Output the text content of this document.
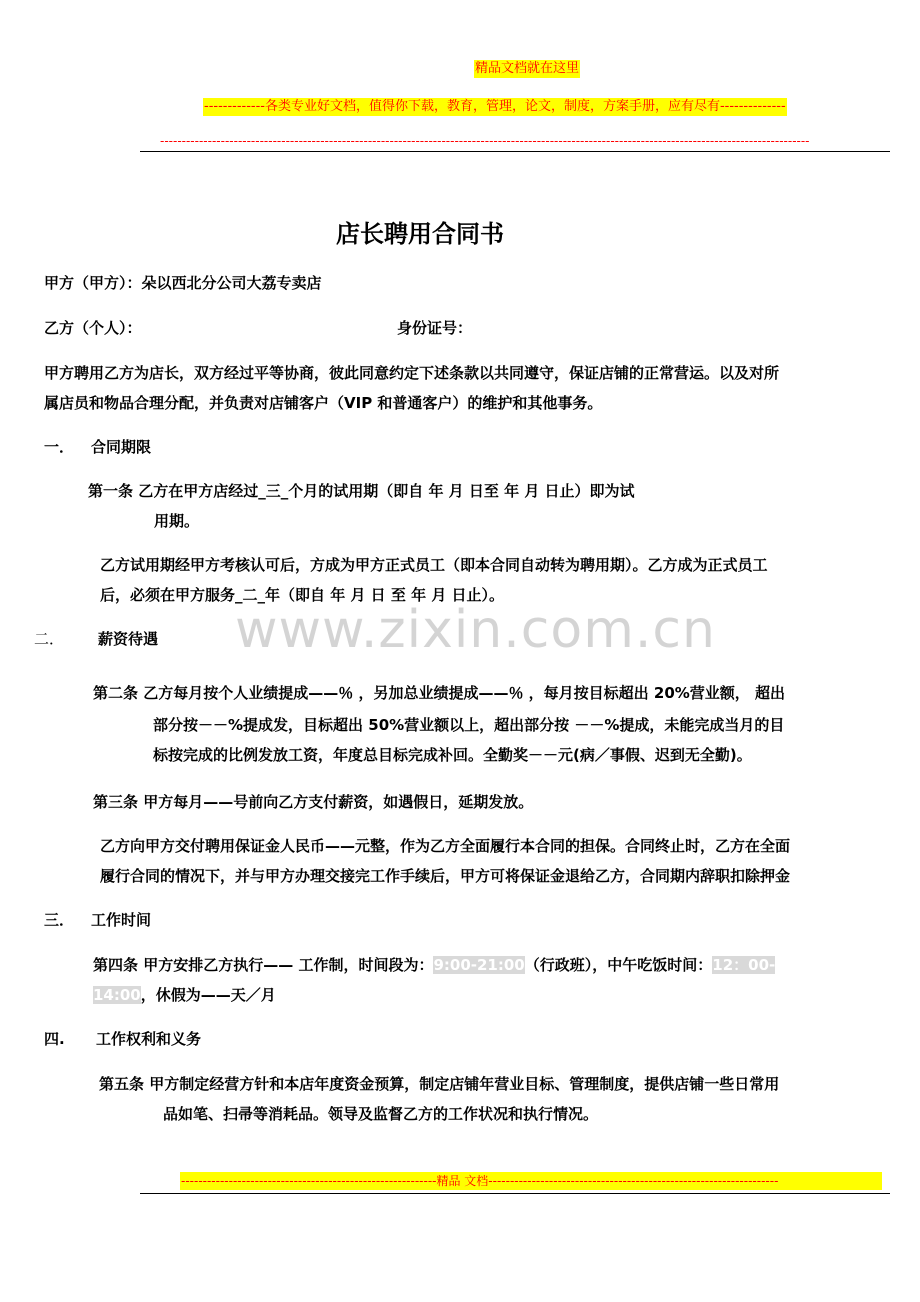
精品文档就在这里
-------------各类专业好文档，值得你下载，教育，管理，论文，制度，方案手册，应有尽有--------------
------------------------------------------------------------------------------------------------------------------------------------------------------
店长聘用合同书
甲方（甲方）：朵以西北分公司大荔专卖店
乙方（个人）：	身份证号：
甲方聘用乙方为店长，双方经过平等协商，彼此同意约定下述条款以共同遵守，保证店铺的正常营运。以及对所
属店员和物品合理分配，并负责对店铺客户（VIP 和普通客户）的维护和其他事务。
一． 合同期限
第一条 乙方在甲方店经过_三_个月的试用期（即自 年 月 日至 年 月 日止）即为试
用期。
乙方试用期经甲方考核认可后，方成为甲方正式员工（即本合同自动转为聘用期）。乙方成为正式员工
后，必须在甲方服务_二_年（即自 年 月 日 至 年 月 日止）。
www.zixin.com.cn
二． 薪资待遇
第二条 乙方每月按个人业绩提成——％ ，另加总业绩提成——％ ，每月按目标超出 20%营业额， 超出
部分按－－%提成发，目标超出 50%营业额以上，超出部分按 －－%提成，未能完成当月的目
标按完成的比例发放工资，年度总目标完成补回。全勤奖－－元(病／事假、迟到无全勤)。
第三条 甲方每月——号前向乙方支付薪资，如遇假日，延期发放。
乙方向甲方交付聘用保证金人民币——元整，作为乙方全面履行本合同的担保。合同终止时，乙方在全面
履行合同的情况下，并与甲方办理交接完工作手续后，甲方可将保证金退给乙方，合同期内辞职扣除押金
三． 工作时间
第四条 甲方安排乙方执行—— 工作制，时间段为：9:00-21:00（行政班），中午吃饭时间：12：00-
14:00，休假为——天／月
四. 工作权利和义务
第五条 甲方制定经营方针和本店年度资金预算，制定店铺年营业目标、管理制度，提供店铺一些日常用
品如笔、扫帚等消耗品。领导及监督乙方的工作状况和执行情况。
-----------------------------------------------------------精品 文档-------------------------------------------------------------------
